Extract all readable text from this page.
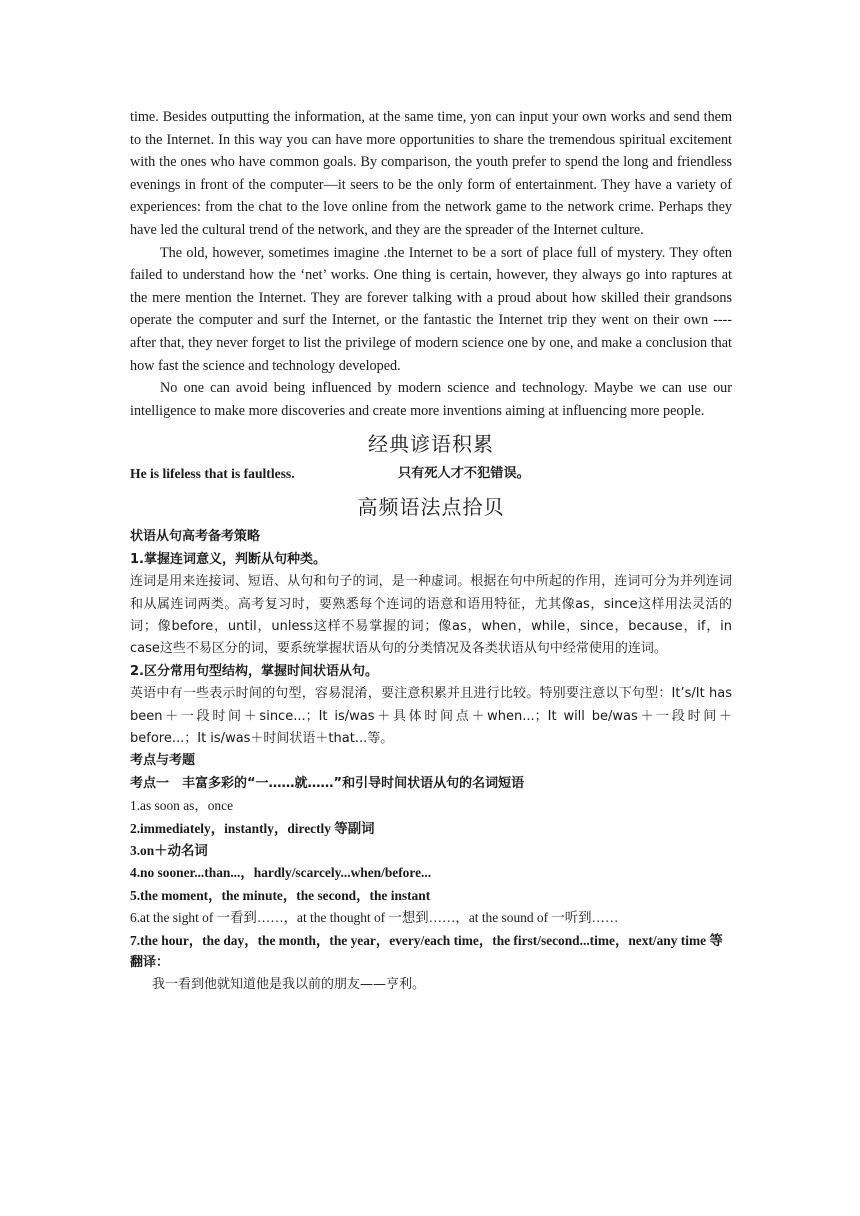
time. Besides outputting the information, at the same time, yon can input your own works and send them to the Internet. In this way you can have more opportunities to share the tremendous spiritual excitement with the ones who have common goals. By comparison, the youth prefer to spend the long and friendless evenings in front of the computer—it seers to be the only form of entertainment. They have a variety of experiences: from the chat to the love online from the network game to the network crime. Perhaps they have led the cultural trend of the network, and they are the spreader of the Internet culture.

The old, however, sometimes imagine .the Internet to be a sort of place full of mystery. They often failed to understand how the ‘net’ works. One thing is certain, however, they always go into raptures at the mere mention the Internet. They are forever talking with a proud about how skilled their grandsons operate the computer and surf the Internet, or the fantastic the Internet trip they went on their own ----after that, they never forget to list the privilege of modern science one by one, and make a conclusion that how fast the science and technology developed.

No one can avoid being influenced by modern science and technology. Maybe we can use our intelligence to make more discoveries and create more inventions aiming at influencing more people.

经典谚语积累
He is lifeless that is faultless.	只有死人才不犯错误。
高频语法点拾贝

状语从句高考备考策略

1.掌握连词意义，判断从句种类。

连词是用来连接词、短语、从句和句子的词，是一种虚词。根据在句中所起的作用，连词可分为并列连词和从属连词两类。高考复习时，要熟悉每个连词的语意和语用特征，尤其像as，since这样用法灵活的词；像before，until，unless这样不易掌握的词；像as，when，while，since，because，if，in case这些不易区分的词，要系统掌握状语从句的分类情况及各类状语从句中经常使用的连词。

2.区分常用句型结构，掌握时间状语从句。

英语中有一些表示时间的句型，容易混淆，要注意积累并且进行比较。特别要注意以下句型：It’s/It has been＋一段时间＋since...；It is/was＋具体时间点＋when...；It will be/was＋一段时间＋before...；It is/was＋时间状语＋that...等。

考点与考题

考点一　丰富多彩的“一……就……”和引导时间状语从句的名词短语

1.as soon as，once

2.immediately，instantly，directly 等副词

3.on＋动名词

4.no sooner...than...，hardly/scarcely...when/before...

5.the moment，the minute，the second，the instant

6.at the sight of 一看到……，at the thought of 一想到……，at the sound of 一听到……

7.the hour，the day，the month，the year，every/each time，the first/second...time，next/any time 等

翻译：

我一看到他就知道他是我以前的朋友——亨利。
